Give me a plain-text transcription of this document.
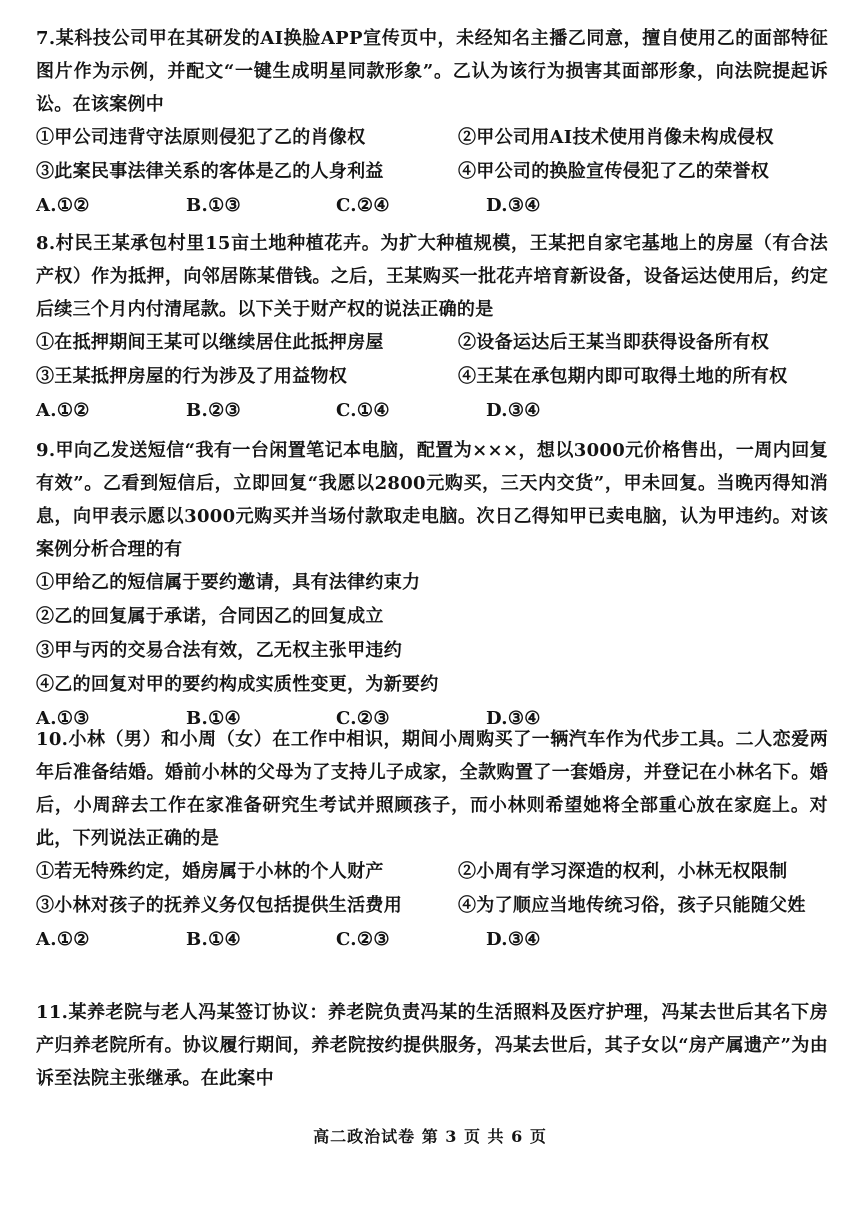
7.某科技公司甲在其研发的AI换脸APP宣传页中，未经知名主播乙同意，擅自使用乙的面部特征图片作为示例，并配文“一键生成明星同款形象”。乙认为该行为损害其面部形象，向法院提起诉讼。在该案例中
①甲公司违背守法原则侵犯了乙的肖像权	②甲公司用AI技术使用肖像未构成侵权
③此案民事法律关系的客体是乙的人身利益	④甲公司的换脸宣传侵犯了乙的荣誉权
A.①②	B.①③	C.②④	D.③④
8.村民王某承包村里15亩土地种植花卉。为扩大种植规模，王某把自家宅基地上的房屋（有合法产权）作为抵押，向邻居陈某借钱。之后，王某购买一批花卉培育新设备，设备运达使用后，约定后续三个月内付清尾款。以下关于财产权的说法正确的是
①在抵押期间王某可以继续居住此抵押房屋	②设备运达后王某当即获得设备所有权
③王某抵押房屋的行为涉及了用益物权	④王某在承包期内即可取得土地的所有权
A.①②	B.②③	C.①④	D.③④
9.甲向乙发送短信“我有一台闲置笔记本电脑，配置为×××，想以3000元价格售出，一周内回复有效”。乙看到短信后，立即回复“我愿以2800元购买，三天内交货”，甲未回复。当晚丙得知消息，向甲表示愿以3000元购买并当场付款取走电脑。次日乙得知甲已卖电脑，认为甲违约。对该案例分析合理的有
①甲给乙的短信属于要约邀请，具有法律约束力
②乙的回复属于承诺，合同因乙的回复成立
③甲与丙的交易合法有效，乙无权主张甲违约
④乙的回复对甲的要约构成实质性变更，为新要约
A.①③	B.①④	C.②③	D.③④
10.小林（男）和小周（女）在工作中相识，期间小周购买了一辆汽车作为代步工具。二人恋爱两年后准备结婚。婚前小林的父母为了支持儿子成家，全款购置了一套婚房，并登记在小林名下。婚后，小周辞去工作在家准备研究生考试并照顾孩子，而小林则希望她将全部重心放在家庭上。对此，下列说法正确的是
①若无特殊约定，婚房属于小林的个人财产	②小周有学习深造的权利，小林无权限制
③小林对孩子的抚养义务仅包括提供生活费用	④为了顺应当地传统习俗，孩子只能随父姓
A.①②	B.①④	C.②③	D.③④
11.某养老院与老人冯某签订协议：养老院负责冯某的生活照料及医疗护理，冯某去世后其名下房产归养老院所有。协议履行期间，养老院按约提供服务，冯某去世后，其子女以“房产属遗产”为由诉至法院主张继承。在此案中
高二政治试卷 第 3 页 共 6 页
